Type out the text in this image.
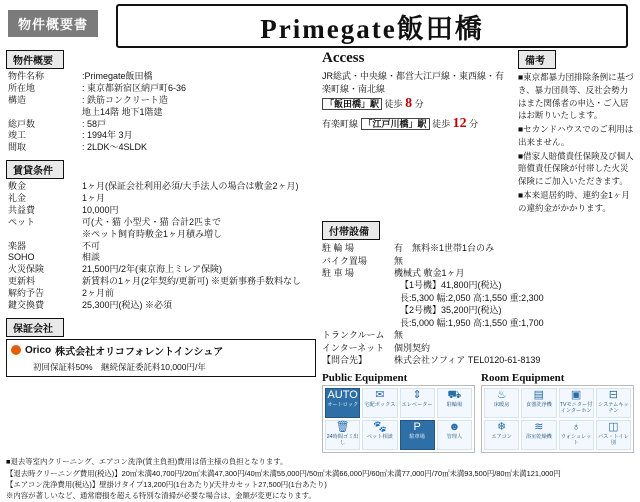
物件概要書	Primegate飯田橋
物件概要
物件名称	:Primegate飯田橋
所在地	: 東京都新宿区納戸町6-36
構造	: 鉄筋コンクリート造
	地上14階 地下1階建
総戸数	: 58戸
竣工	: 1994年 3月
間取	: 2LDK～4SLDK
賃貸条件
敷金	1ヶ月(保証会社利用必須/大手法人の場合は敷金2ヶ月)
礼金	1ヶ月
共益費	10,000円
ペット	可(犬・猫 小型犬・猫 合計2匹まで
	※ペット飼育時敷金1ヶ月積み増し
楽器	不可
SOHO	相談
火災保険	21,500円/2年(東京海上ミレア保険)
更新料	新賃料の1ヶ月(2年契約/更新可) ※更新事務手数料なし
解約予告	2ヶ月前
鍵交換費	25,300円(税込) ※必須
保証会社
Orico 株式会社オリコフォレントインシュア
初回保証料50%　継続保証委託料10,000円/年
Access
JR総武・中央線・都営大江戸線・東西線・有楽町線・南北線
「飯田橋」駅 徒歩 8 分
有楽町線 「江戸川橋」駅 徒歩 12 分
備考
■東京都暴力団排除条例に基づき、暴力団員等、反社会勢力はまた関係者の申込・ご入居はお断りいたします。
■セカンドハウスでのご利用は出来ません。
■借家人賠償責任保険及び個人賠償責任保険が付帯した火災保険にご加入いただきます。
■本来退居約時、連約金1ヶ月の違約金がかかります。
付帯設備
駐 輪 場	有　無料※1世帯1台のみ
バイク置場	無
駐 車 場	機械式 敷金1ヶ月
【1号機】41,800円(税込)
長:5,300 幅:2,050 高:1,550 重:2,300
【2号機】35,200円(税込)
長:5,000 幅:1,950 高:1,550 重:1,700
トランクルーム	無
インターネット	個別契約
【問合先】	株式会社ソフィア TEL0120-61-8139
Public Equipment
AUTO
オートロック
✉
宅配ボックス
⇕
エレベーター
⛟
駐輪場
🗑
24時間ゴミ出し
🐾
ペット相談
P
駐車場
☻
管理人
Room Equipment
♨
床暖房
▤
食器洗浄機
▣
TVモニター付インターホン
⊟
システムキッチン
❄
エアコン
≋
浴室乾燥機
♁
ウォシュレット
◫
バス・トイレ別
■退去等室内クリーニング、エアコン洗浄(賃主負担)費用は借主様の負担となります。
【退去時クリーニング費用(税込)】20㎡未満40,700円/20㎡未満47,300円/40㎡未満55,000円/50㎡未満66,000円/60㎡未満77,000円/70㎡未満93,500円/80㎡未満121,000円
【エアコン洗浄費用(税込)】壁掛けタイプ13,200円(1台あたり)/天井カセット27,500円(1台あたり)
※内容が著しいなど、通常磨損を超える特別な清掃が必要な場合は、金額が変更になります。
